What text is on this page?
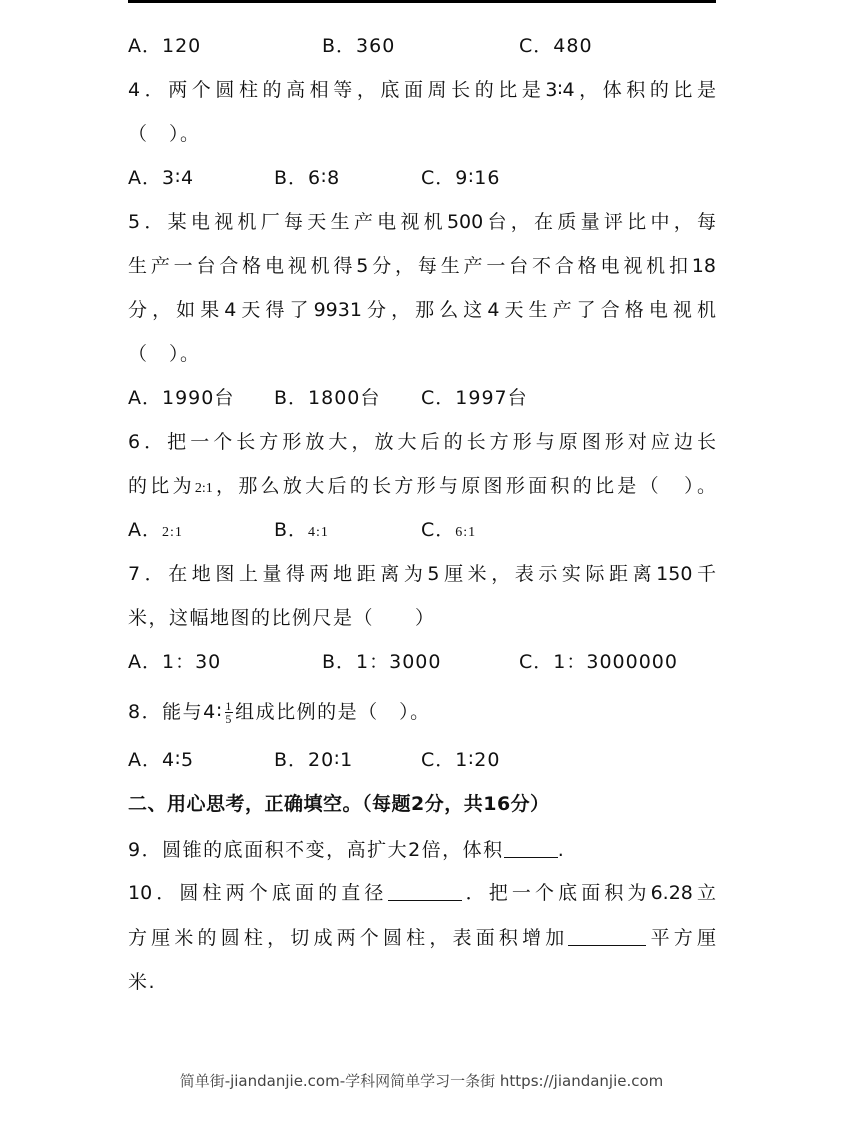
A．120	B．360	C．480
4．两个圆柱的高相等，底面周长的比是3∶4，体积的比是
（　）。
A．3∶4	B．6∶8	C．9∶16
5．某电视机厂每天生产电视机500台，在质量评比中，每
生产一台合格电视机得5分，每生产一台不合格电视机扣18
分，如果4天得了9931分，那么这4天生产了合格电视机
（　）。
A．1990台 B．1800台 C．1997台
6．把一个长方形放大，放大后的长方形与原图形对应边长
的比为2:1，那么放大后的长方形与原图形面积的比是（　）。
A．2:1	B．4:1	C．6:1
7．在地图上量得两地距离为5厘米，表示实际距离150千
米，这幅地图的比例尺是（　　）
A．1：30	B．1：3000	C．1：3000000
8．能与4∶ $\frac{1}{5}$ 组成比例的是（　）。
A．4∶5	B．20∶1	C．1∶20
二、用心思考，正确填空。（每题2分，共16分）
9．圆锥的底面积不变，高扩大2倍，体积	.
10．圆柱两个底面的直径	．把一个底面积为6.28立
方厘米的圆柱，切成两个圆柱，表面积增加	平方厘
米.
简单街-jiandanjie.com-学科网简单学习一条街 https://jiandanjie.com
